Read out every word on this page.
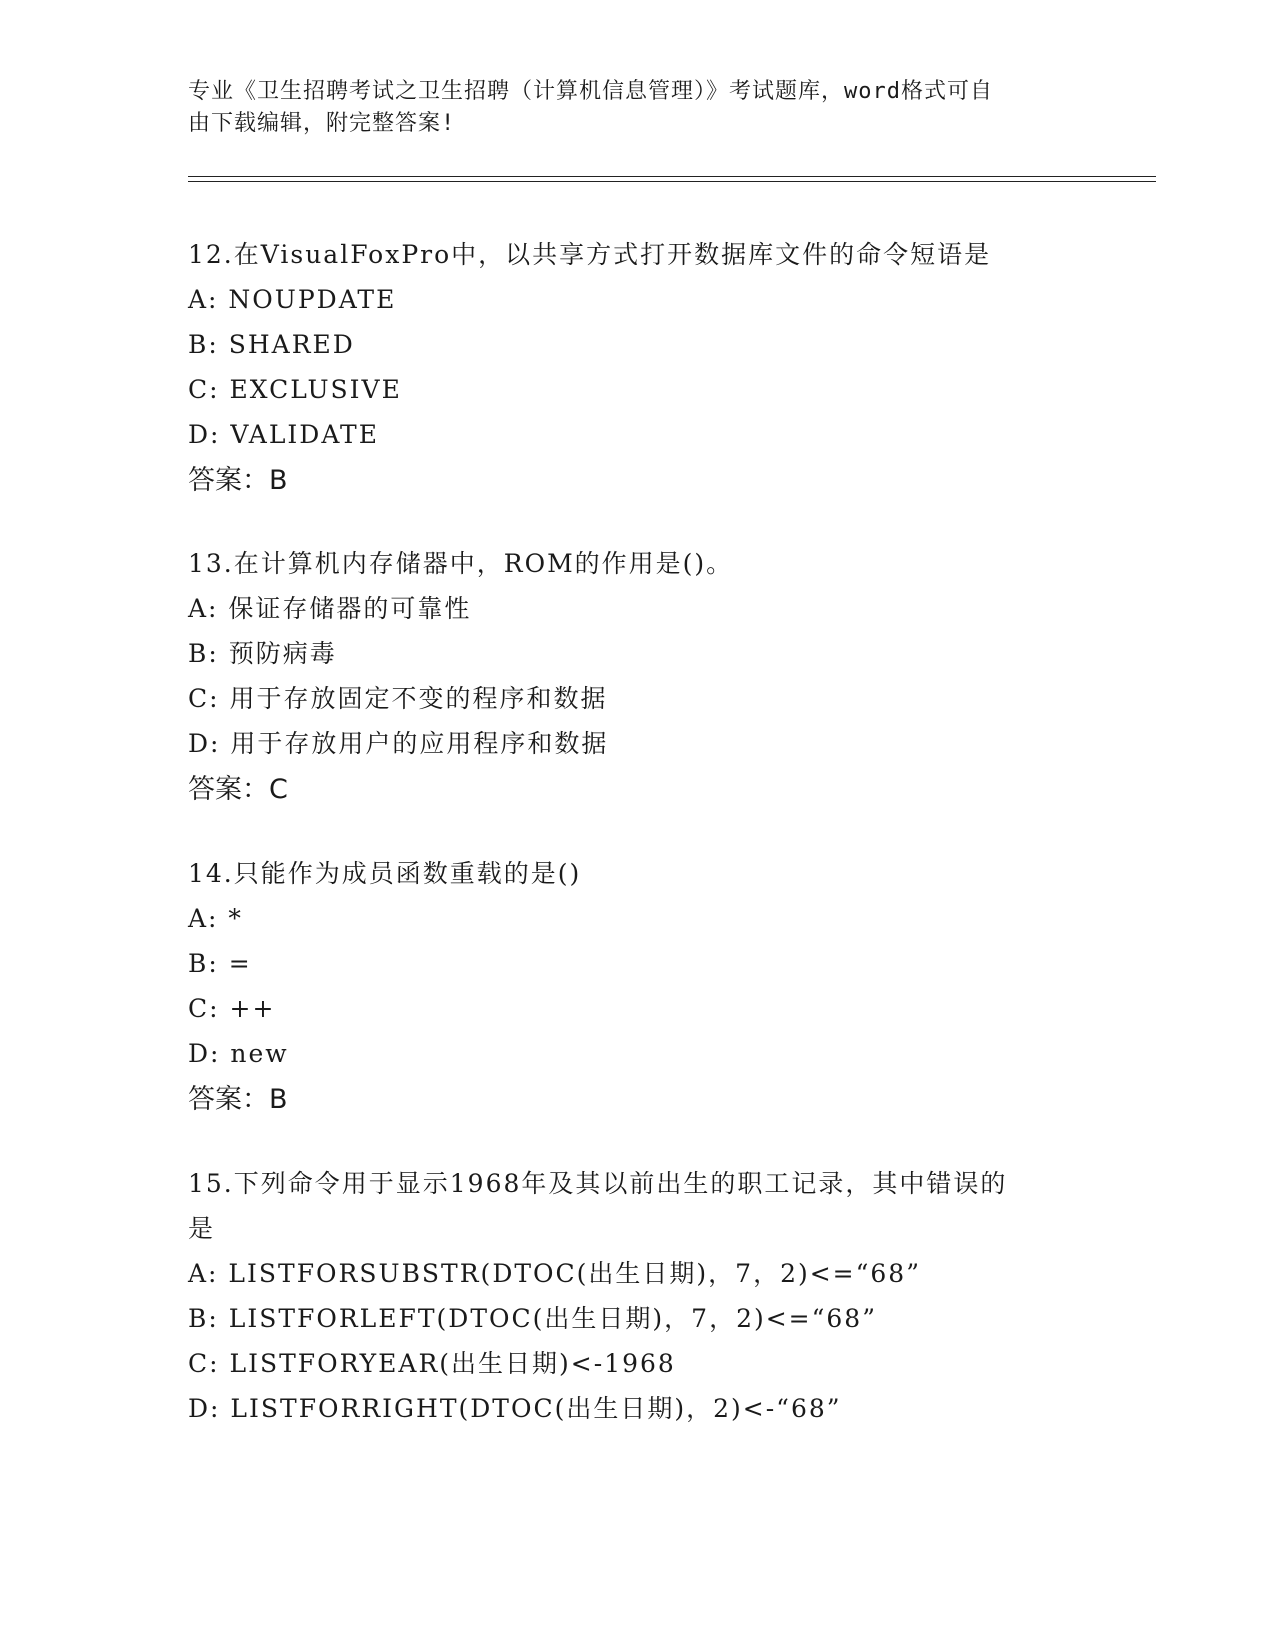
专业《卫生招聘考试之卫生招聘（计算机信息管理）》考试题库，word格式可自
由下载编辑，附完整答案!
12.在VisualFoxPro中，以共享方式打开数据库文件的命令短语是
A: NOUPDATE
B: SHARED
C: EXCLUSIVE
D: VALIDATE
答案：B
13.在计算机内存储器中，ROM的作用是()。
A: 保证存储器的可靠性
B: 预防病毒
C: 用于存放固定不变的程序和数据
D: 用于存放用户的应用程序和数据
答案：C
14.只能作为成员函数重载的是()
A: *
B: =
C: ++
D: new
答案：B
15.下列命令用于显示1968年及其以前出生的职工记录，其中错误的
是
A: LISTFORSUBSTR(DTOC(出生日期)，7，2)<=“68”
B: LISTFORLEFT(DTOC(出生日期)，7，2)<=“68”
C: LISTFORYEAR(出生日期)<-1968
D: LISTFORRIGHT(DTOC(出生日期)，2)<-“68”
